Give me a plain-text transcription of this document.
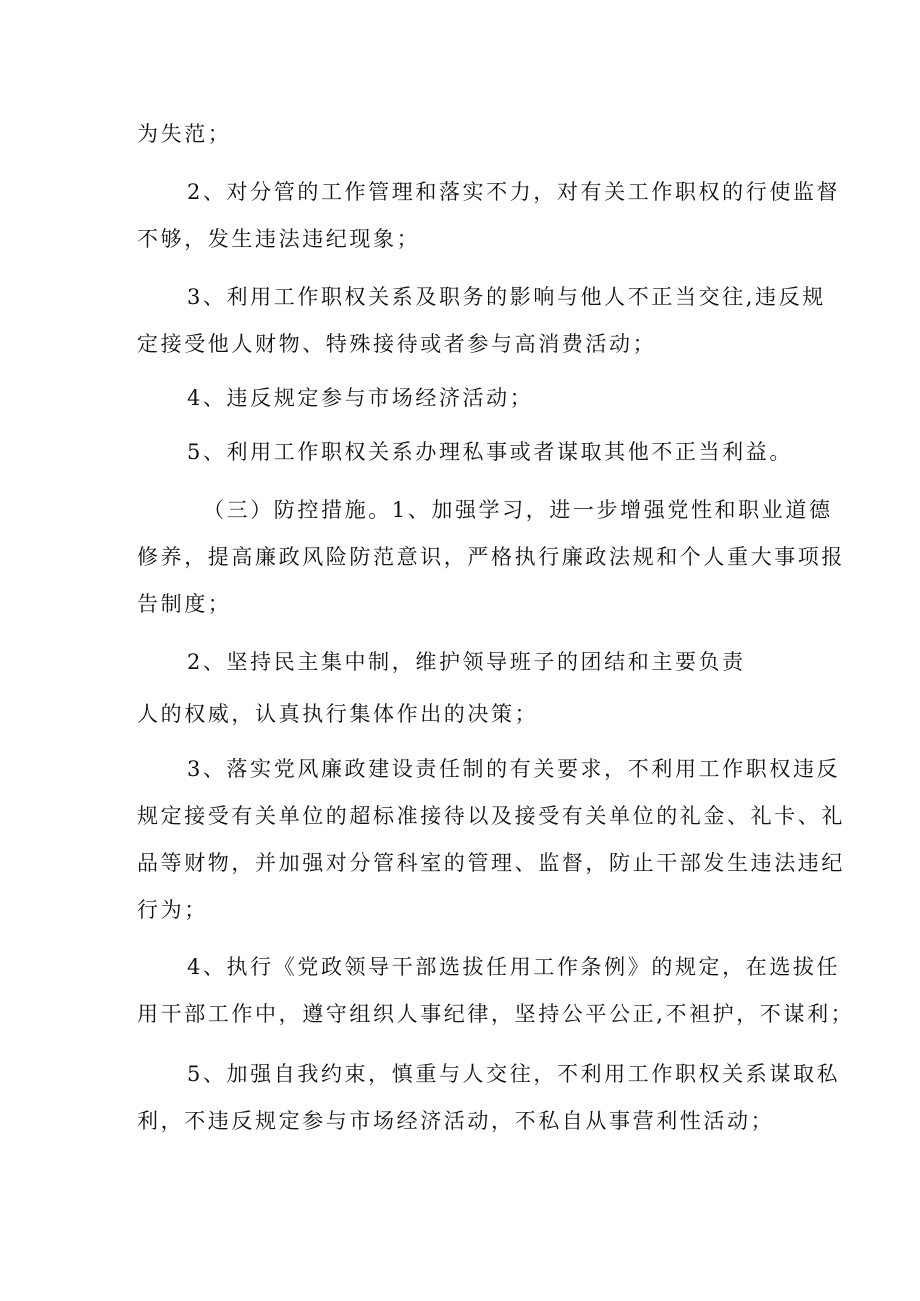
为失范；
2、对分管的工作管理和落实不力，对有关工作职权的行使监督
不够，发生违法违纪现象；
3、利用工作职权关系及职务的影响与他人不正当交往,违反规
定接受他人财物、特殊接待或者参与高消费活动；
4、违反规定参与市场经济活动；
5、利用工作职权关系办理私事或者谋取其他不正当利益。
（三）防控措施。1、加强学习，进一步增强党性和职业道德
修养，提高廉政风险防范意识，严格执行廉政法规和个人重大事项报
告制度；
2、坚持民主集中制，维护领导班子的团结和主要负责
人的权威，认真执行集体作出的决策；
3、落实党风廉政建设责任制的有关要求，不利用工作职权违反
规定接受有关单位的超标准接待以及接受有关单位的礼金、礼卡、礼
品等财物，并加强对分管科室的管理、监督，防止干部发生违法违纪
行为；
4、执行《党政领导干部选拔任用工作条例》的规定，在选拔任
用干部工作中，遵守组织人事纪律，坚持公平公正,不袒护，不谋利；
5、加强自我约束，慎重与人交往，不利用工作职权关系谋取私
利，不违反规定参与市场经济活动，不私自从事营利性活动；
